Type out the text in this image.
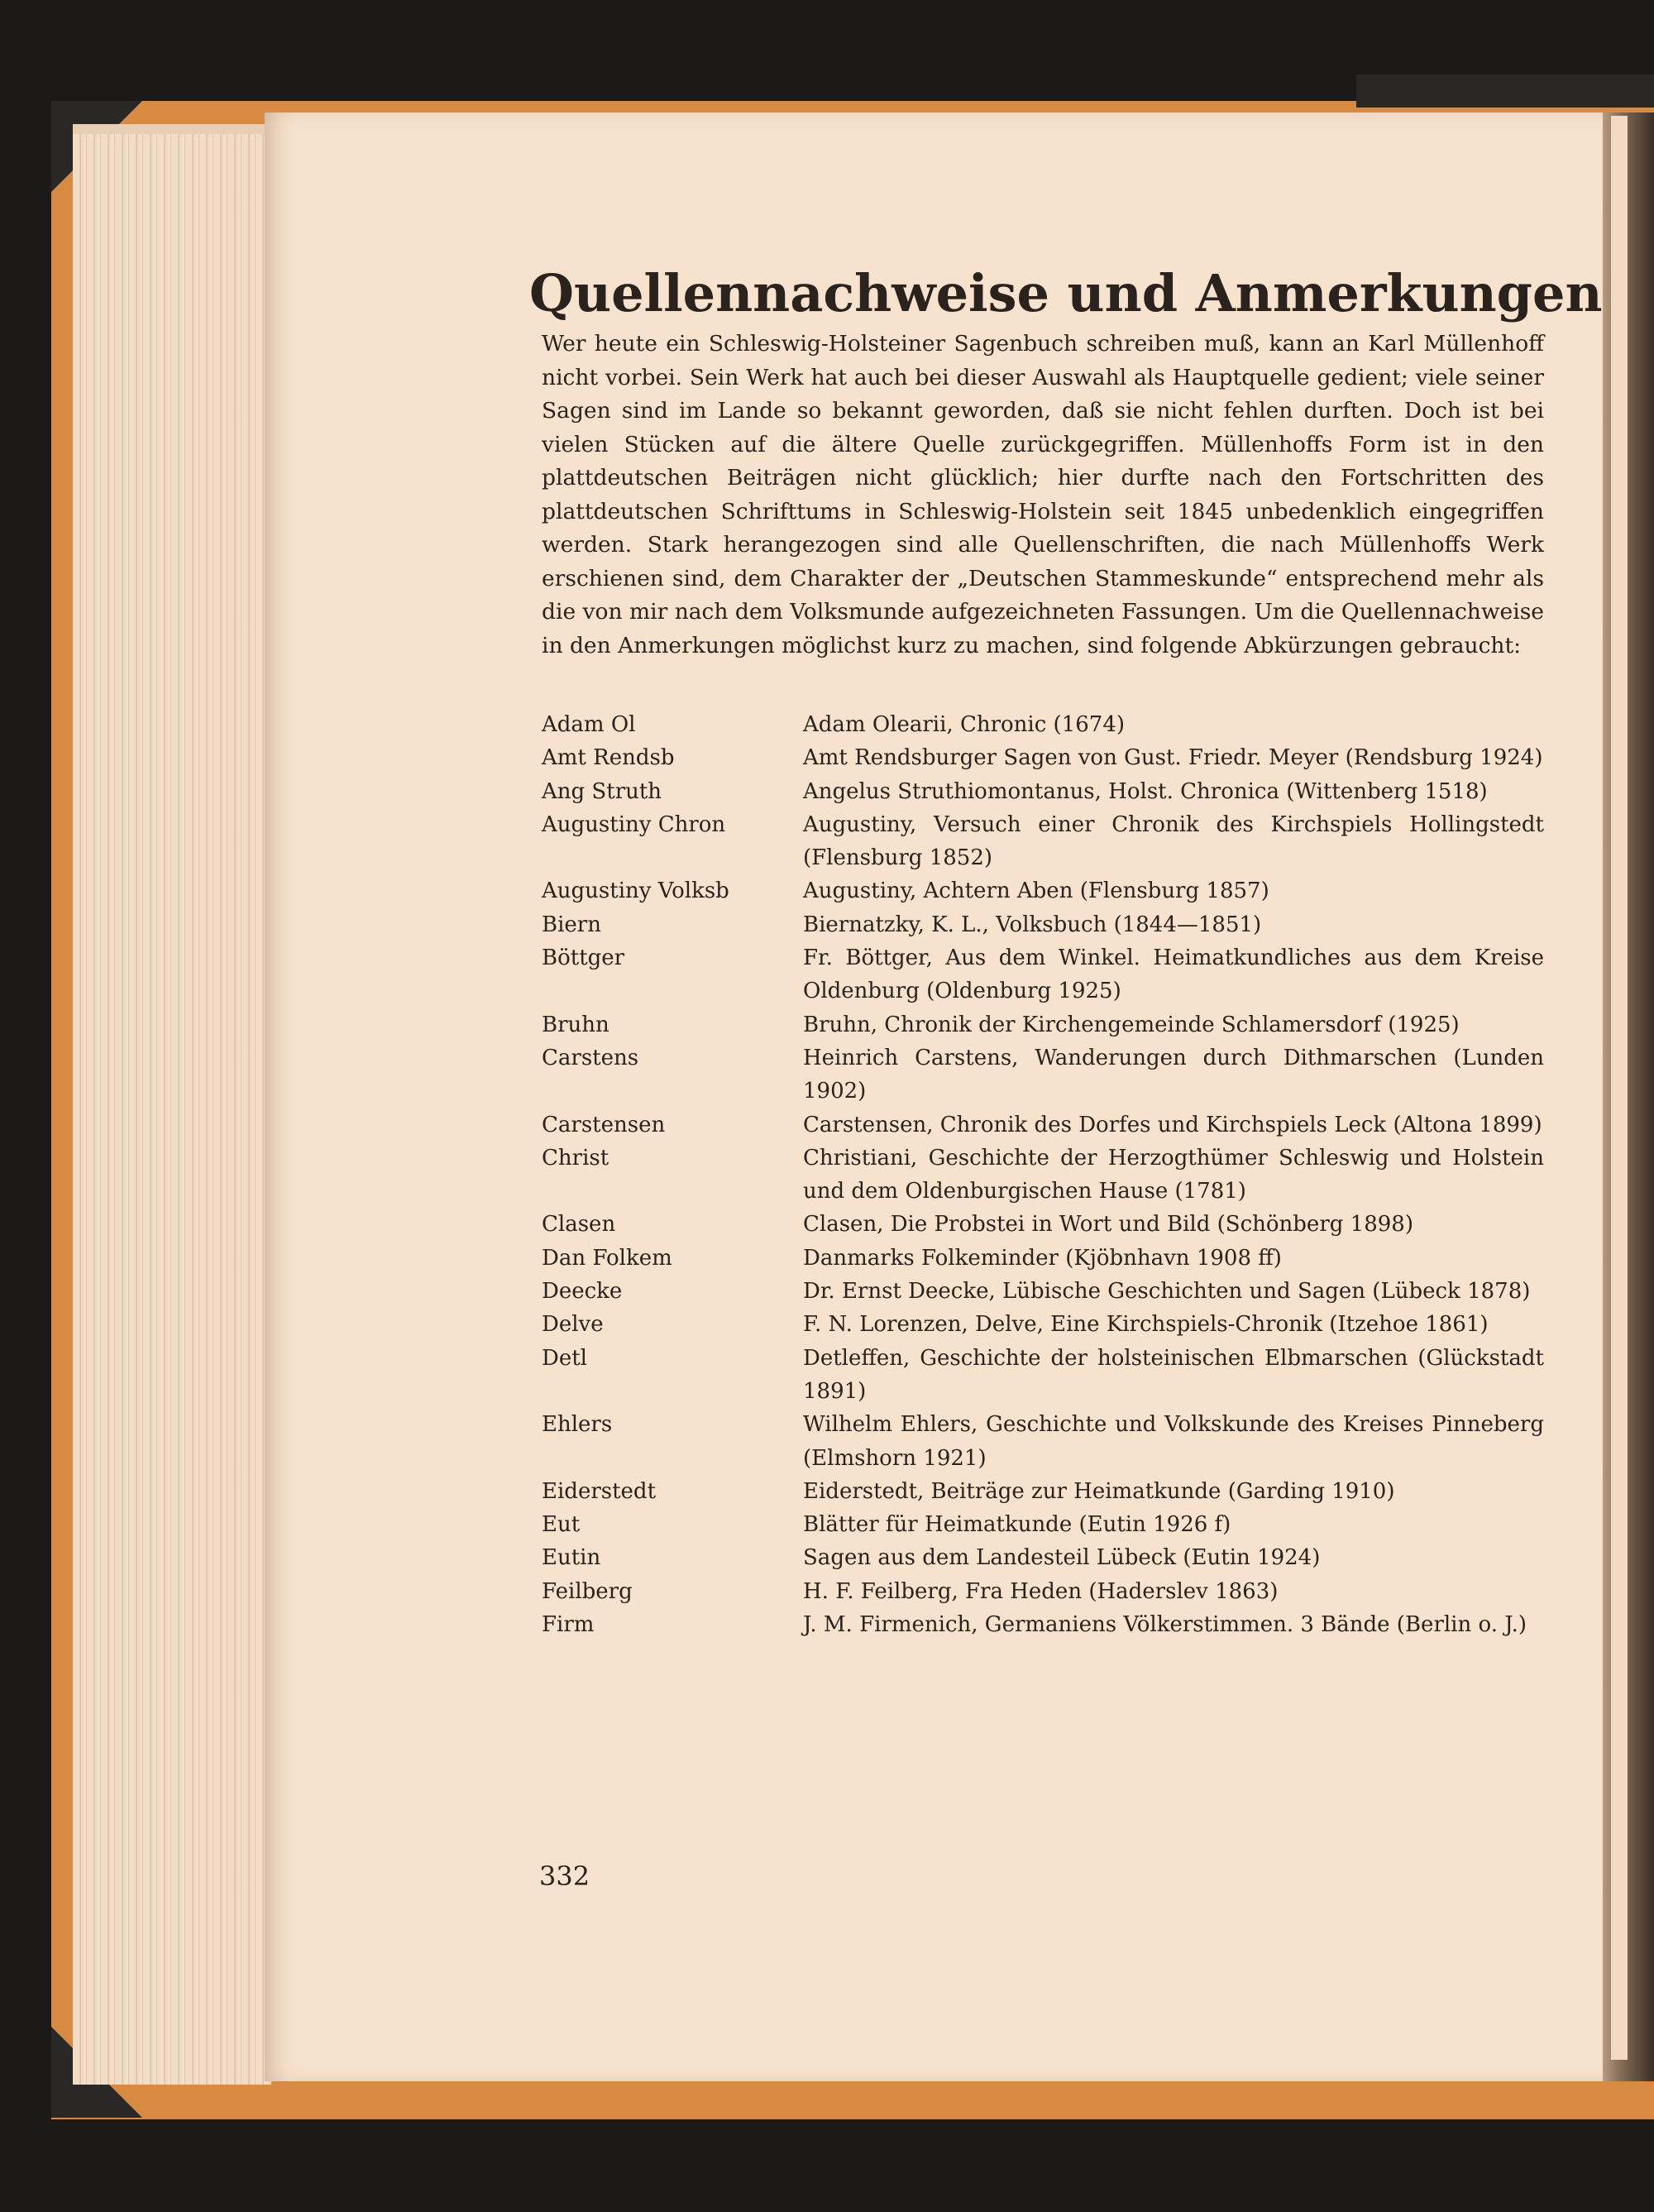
Quellennachweise und Anmerkungen

Wer heute ein Schleswig-Holsteiner Sagenbuch schreiben muß, kann an Karl Müllenhoff nicht vorbei. Sein Werk hat auch bei dieser Auswahl als Hauptquelle gedient; viele seiner Sagen sind im Lande so bekannt geworden, daß sie nicht fehlen durften. Doch ist bei vielen Stücken auf die ältere Quelle zurückgegriffen. Müllenhoffs Form ist in den plattdeutschen Beiträgen nicht glücklich; hier durfte nach den Fortschritten des plattdeutschen Schrifttums in Schleswig-Holstein seit 1845 unbedenklich eingegriffen werden. Stark herangezogen sind alle Quellenschriften, die nach Müllenhoffs Werk erschienen sind, dem Charakter der „Deutschen Stammeskunde“ entsprechend mehr als die von mir nach dem Volksmunde aufgezeichneten Fassungen. Um die Quellennachweise in den Anmerkungen möglichst kurz zu machen, sind folgende Abkürzungen gebraucht:

Adam Ol	Adam Olearii, Chronic (1674)
Amt Rendsb	Amt Rendsburger Sagen von Gust. Friedr. Meyer (Rendsburg 1924)
Ang Struth	Angelus Struthiomontanus, Holst. Chronica (Wittenberg 1518)
Augustiny Chron	Augustiny, Versuch einer Chronik des Kirchspiels Hollingstedt (Flensburg 1852)
Augustiny Volksb	Augustiny, Achtern Aben (Flensburg 1857)
Biern	Biernatzky, K. L., Volksbuch (1844—1851)
Böttger	Fr. Böttger, Aus dem Winkel. Heimatkundliches aus dem Kreise Oldenburg (Oldenburg 1925)
Bruhn	Bruhn, Chronik der Kirchengemeinde Schlamersdorf (1925)
Carstens	Heinrich Carstens, Wanderungen durch Dithmarschen (Lunden 1902)
Carstensen	Carstensen, Chronik des Dorfes und Kirchspiels Leck (Altona 1899)
Christ	Christiani, Geschichte der Herzogthümer Schleswig und Holstein und dem Oldenburgischen Hause (1781)
Clasen	Clasen, Die Probstei in Wort und Bild (Schönberg 1898)
Dan Folkem	Danmarks Folkeminder (Kjöbnhavn 1908 ff)
Deecke	Dr. Ernst Deecke, Lübische Geschichten und Sagen (Lübeck 1878)
Delve	F. N. Lorenzen, Delve, Eine Kirchspiels-Chronik (Itzehoe 1861)
Detl	Detleffen, Geschichte der holsteinischen Elbmarschen (Glückstadt 1891)
Ehlers	Wilhelm Ehlers, Geschichte und Volkskunde des Kreises Pinneberg (Elmshorn 1921)
Eiderstedt	Eiderstedt, Beiträge zur Heimatkunde (Garding 1910)
Eut	Blätter für Heimatkunde (Eutin 1926 f)
Eutin	Sagen aus dem Landesteil Lübeck (Eutin 1924)
Feilberg	H. F. Feilberg, Fra Heden (Haderslev 1863)
Firm	J. M. Firmenich, Germaniens Völkerstimmen. 3 Bände (Berlin o. J.)

332
